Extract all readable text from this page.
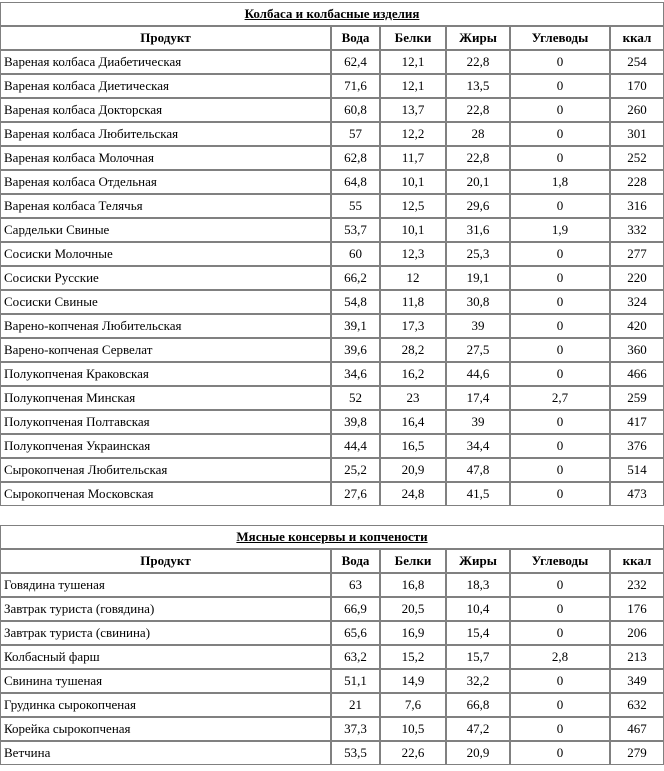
Колбаса и колбасные изделия					
Продукт	Вода	Белки	Жиры	Углеводы	ккал
Вареная колбаса Диабетическая	62,4	12,1	22,8	0	254
Вареная колбаса Диетическая	71,6	12,1	13,5	0	170
Вареная колбаса Докторская	60,8	13,7	22,8	0	260
Вареная колбаса Любительская	57	12,2	28	0	301
Вареная колбаса Молочная	62,8	11,7	22,8	0	252
Вареная колбаса Отдельная	64,8	10,1	20,1	1,8	228
Вареная колбаса Телячья	55	12,5	29,6	0	316
Сардельки Свиные	53,7	10,1	31,6	1,9	332
Сосиски Молочные	60	12,3	25,3	0	277
Сосиски Русские	66,2	12	19,1	0	220
Сосиски Свиные	54,8	11,8	30,8	0	324
Варено-копченая Любительская	39,1	17,3	39	0	420
Варено-копченая Сервелат	39,6	28,2	27,5	0	360
Полукопченая Краковская	34,6	16,2	44,6	0	466
Полукопченая Минская	52	23	17,4	2,7	259
Полукопченая Полтавская	39,8	16,4	39	0	417
Полукопченая Украинская	44,4	16,5	34,4	0	376
Сырокопченая Любительская	25,2	20,9	47,8	0	514
Сырокопченая Московская	27,6	24,8	41,5	0	473
Мясные консервы и копчености					
Продукт	Вода	Белки	Жиры	Углеводы	ккал
Говядина тушеная	63	16,8	18,3	0	232
Завтрак туриста (говядина)	66,9	20,5	10,4	0	176
Завтрак туриста (свинина)	65,6	16,9	15,4	0	206
Колбасный фарш	63,2	15,2	15,7	2,8	213
Свинина тушеная	51,1	14,9	32,2	0	349
Грудинка сырокопченая	21	7,6	66,8	0	632
Корейка сырокопченая	37,3	10,5	47,2	0	467
Ветчина	53,5	22,6	20,9	0	279
